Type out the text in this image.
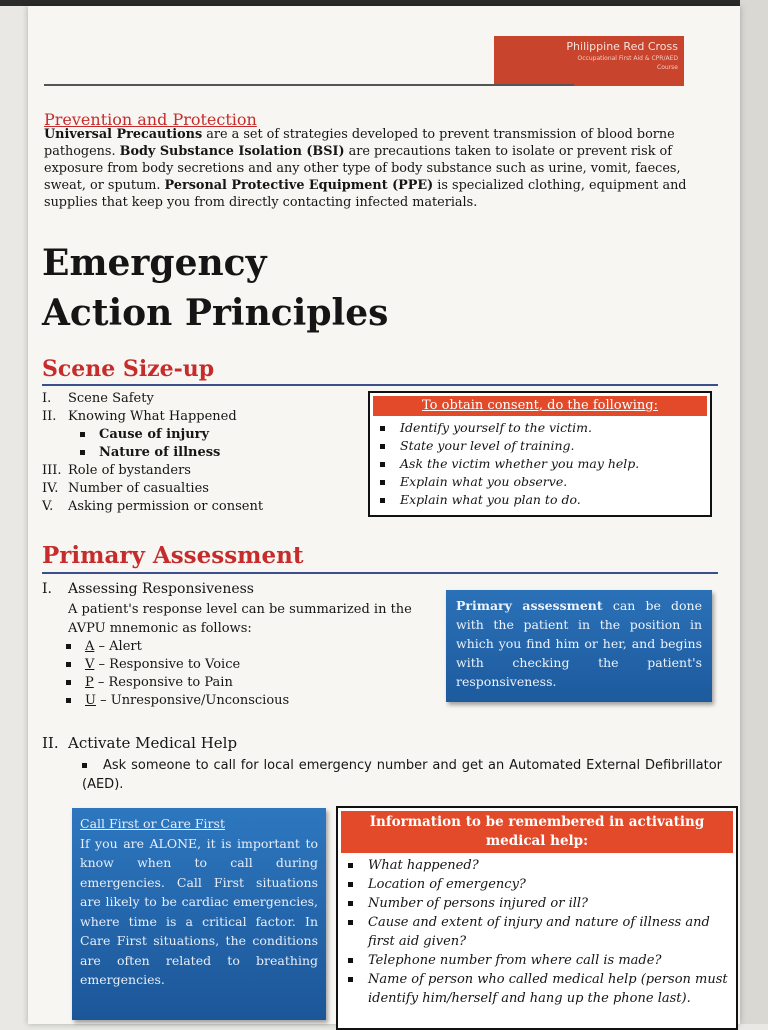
Philippine Red Cross
Occupational First Aid & CPR/AED
Course
Prevention and Protection
Universal Precautions are a set of strategies developed to prevent transmission of blood borne pathogens. Body Substance Isolation (BSI) are precautions taken to isolate or prevent risk of exposure from body secretions and any other type of body substance such as urine, vomit, faeces, sweat, or sputum. Personal Protective Equipment (PPE) is specialized clothing, equipment and supplies that keep you from directly contacting infected materials.
Emergency
Action Principles
Scene Size-up
I. Scene Safety
II. Knowing What Happened
Cause of injury
Nature of illness
III. Role of bystanders
IV. Number of casualties
V. Asking permission or consent
To obtain consent, do the following:
Identify yourself to the victim.
State your level of training.
Ask the victim whether you may help.
Explain what you observe.
Explain what you plan to do.
Primary Assessment
I. Assessing Responsiveness
A patient's response level can be summarized in the AVPU mnemonic as follows:
A – Alert
V – Responsive to Voice
P – Responsive to Pain
U – Unresponsive/Unconscious
Primary assessment can be done with the patient in the position in which you find him or her, and begins with checking the patient's responsiveness.
II. Activate Medical Help
Ask someone to call for local emergency number and get an Automated External Defibrillator (AED).
Call First or Care First
If you are ALONE, it is important to know when to call during emergencies. Call First situations are likely to be cardiac emergencies, where time is a critical factor. In Care First situations, the conditions are often related to breathing emergencies.
Information to be remembered in activating medical help:
What happened?
Location of emergency?
Number of persons injured or ill?
Cause and extent of injury and nature of illness and first aid given?
Telephone number from where call is made?
Name of person who called medical help (person must identify him/herself and hang up the phone last).
